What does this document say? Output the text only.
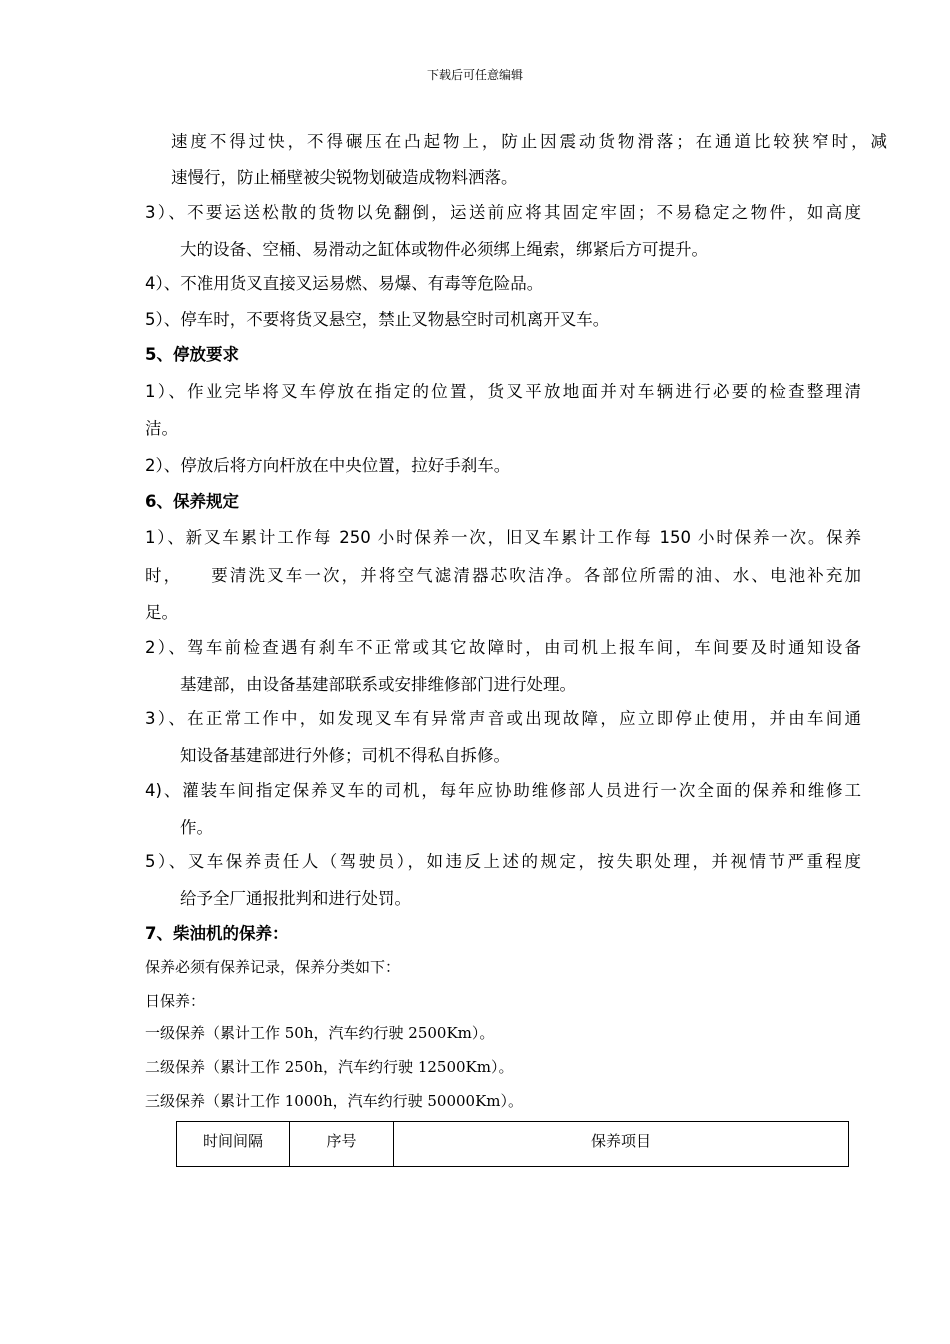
下载后可任意编辑
速度不得过快，不得碾压在凸起物上，防止因震动货物滑落；在通道比较狭窄时，减
速慢行，防止桶壁被尖锐物划破造成物料洒落。
3）、不要运送松散的货物以免翻倒，运送前应将其固定牢固；不易稳定之物件，如高度
大的设备、空桶、易滑动之缸体或物件必须绑上绳索，绑紧后方可提升。
4）、不准用货叉直接叉运易燃、易爆、有毒等危险品。
5）、停车时，不要将货叉悬空，禁止叉物悬空时司机离开叉车。
5、停放要求
1）、作业完毕将叉车停放在指定的位置，货叉平放地面并对车辆进行必要的检查整理清
洁。
2）、停放后将方向杆放在中央位置，拉好手刹车。
6、保养规定
1）、新叉车累计工作每 250 小时保养一次，旧叉车累计工作每 150 小时保养一次。保养
时，　　要清洗叉车一次，并将空气滤清器芯吹洁净。各部位所需的油、水、电池补充加
足。
2）、驾车前检查遇有刹车不正常或其它故障时，由司机上报车间，车间要及时通知设备
基建部，由设备基建部联系或安排维修部门进行处理。
3）、在正常工作中，如发现叉车有异常声音或出现故障，应立即停止使用，并由车间通
知设备基建部进行外修；司机不得私自拆修。
4)、灌装车间指定保养叉车的司机，每年应协助维修部人员进行一次全面的保养和维修工
作。
5）、叉车保养责任人（驾驶员），如违反上述的规定，按失职处理，并视情节严重程度
给予全厂通报批判和进行处罚。
7、柴油机的保养：
保养必须有保养记录，保养分类如下：
日保养：
一级保养（累计工作 50h，汽车约行驶 2500Km）。
二级保养（累计工作 250h，汽车约行驶 12500Km）。
三级保养（累计工作 1000h，汽车约行驶 50000Km）。
时间间隔	序号	保养项目
